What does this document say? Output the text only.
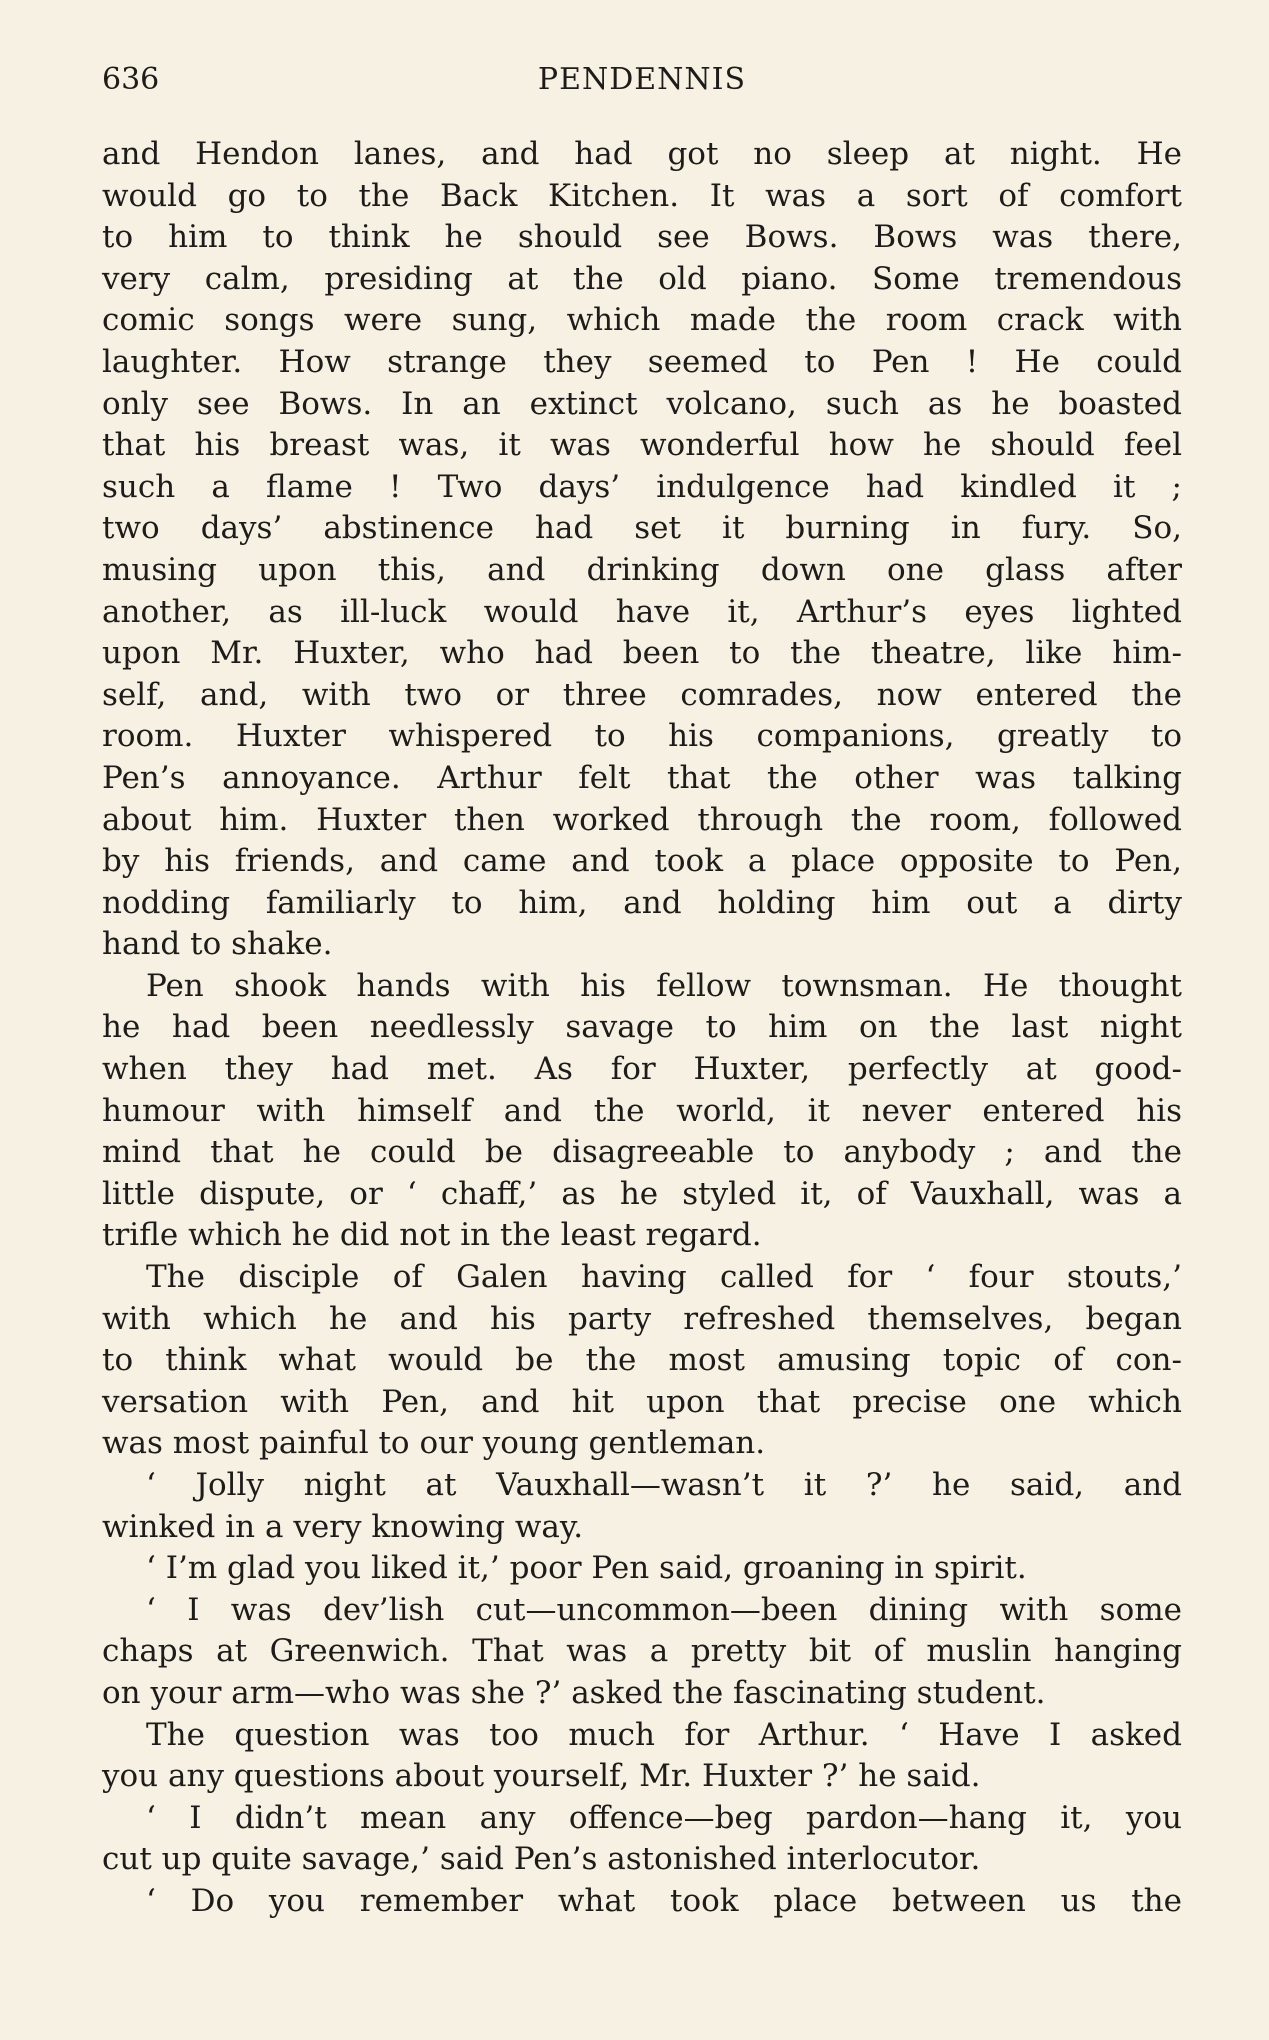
636	PENDENNIS
and Hendon lanes, and had got no sleep at night. He
would go to the Back Kitchen. It was a sort of comfort
to him to think he should see Bows. Bows was there,
very calm, presiding at the old piano. Some tremendous
comic songs were sung, which made the room crack with
laughter. How strange they seemed to Pen ! He could
only see Bows. In an extinct volcano, such as he boasted
that his breast was, it was wonderful how he should feel
such a flame ! Two days’ indulgence had kindled it ;
two days’ abstinence had set it burning in fury. So,
musing upon this, and drinking down one glass after
another, as ill-luck would have it, Arthur’s eyes lighted
upon Mr. Huxter, who had been to the theatre, like him-
self, and, with two or three comrades, now entered the
room. Huxter whispered to his companions, greatly to
Pen’s annoyance. Arthur felt that the other was talking
about him. Huxter then worked through the room, followed
by his friends, and came and took a place opposite to Pen,
nodding familiarly to him, and holding him out a dirty
hand to shake.
Pen shook hands with his fellow townsman. He thought
he had been needlessly savage to him on the last night
when they had met. As for Huxter, perfectly at good-
humour with himself and the world, it never entered his
mind that he could be disagreeable to anybody ; and the
little dispute, or ‘ chaff,’ as he styled it, of Vauxhall, was a
trifle which he did not in the least regard.
The disciple of Galen having called for ‘ four stouts,’
with which he and his party refreshed themselves, began
to think what would be the most amusing topic of con-
versation with Pen, and hit upon that precise one which
was most painful to our young gentleman.
‘ Jolly night at Vauxhall—wasn’t it ?’ he said, and
winked in a very knowing way.
‘ I’m glad you liked it,’ poor Pen said, groaning in spirit.
‘ I was dev’lish cut—uncommon—been dining with some
chaps at Greenwich. That was a pretty bit of muslin hanging
on your arm—who was she ?’ asked the fascinating student.
The question was too much for Arthur. ‘ Have I asked
you any questions about yourself, Mr. Huxter ?’ he said.
‘ I didn’t mean any offence—beg pardon—hang it, you
cut up quite savage,’ said Pen’s astonished interlocutor.
‘ Do you remember what took place between us the
